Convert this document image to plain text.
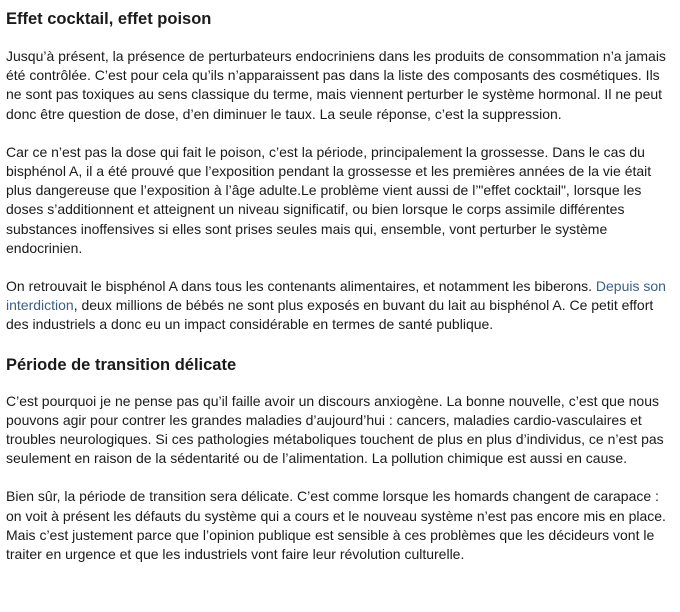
Effet cocktail, effet poison

Jusqu’à présent, la présence de perturbateurs endocriniens dans les produits de consommation n’a jamais été contrôlée. C’est pour cela qu’ils n’apparaissent pas dans la liste des composants des cosmétiques. Ils ne sont pas toxiques au sens classique du terme, mais viennent perturber le système hormonal. Il ne peut donc être question de dose, d’en diminuer le taux. La seule réponse, c’est la suppression.

Car ce n’est pas la dose qui fait le poison, c’est la période, principalement la grossesse. Dans le cas du bisphénol A, il a été prouvé que l’exposition pendant la grossesse et les premières années de la vie était plus dangereuse que l’exposition à l’âge adulte.Le problème vient aussi de l’"effet cocktail", lorsque les doses s’additionnent et atteignent un niveau significatif, ou bien lorsque le corps assimile différentes substances inoffensives si elles sont prises seules mais qui, ensemble, vont perturber le système endocrinien.

On retrouvait le bisphénol A dans tous les contenants alimentaires, et notamment les biberons. Depuis son interdiction, deux millions de bébés ne sont plus exposés en buvant du lait au bisphénol A. Ce petit effort des industriels a donc eu un impact considérable en termes de santé publique.

Période de transition délicate

C’est pourquoi je ne pense pas qu’il faille avoir un discours anxiogène. La bonne nouvelle, c’est que nous pouvons agir pour contrer les grandes maladies d’aujourd’hui : cancers, maladies cardio-vasculaires et troubles neurologiques. Si ces pathologies métaboliques touchent de plus en plus d’individus, ce n’est pas seulement en raison de la sédentarité ou de l’alimentation. La pollution chimique est aussi en cause.

Bien sûr, la période de transition sera délicate. C’est comme lorsque les homards changent de carapace : on voit à présent les défauts du système qui a cours et le nouveau système n’est pas encore mis en place. Mais c’est justement parce que l’opinion publique est sensible à ces problèmes que les décideurs vont le traiter en urgence et que les industriels vont faire leur révolution culturelle.
